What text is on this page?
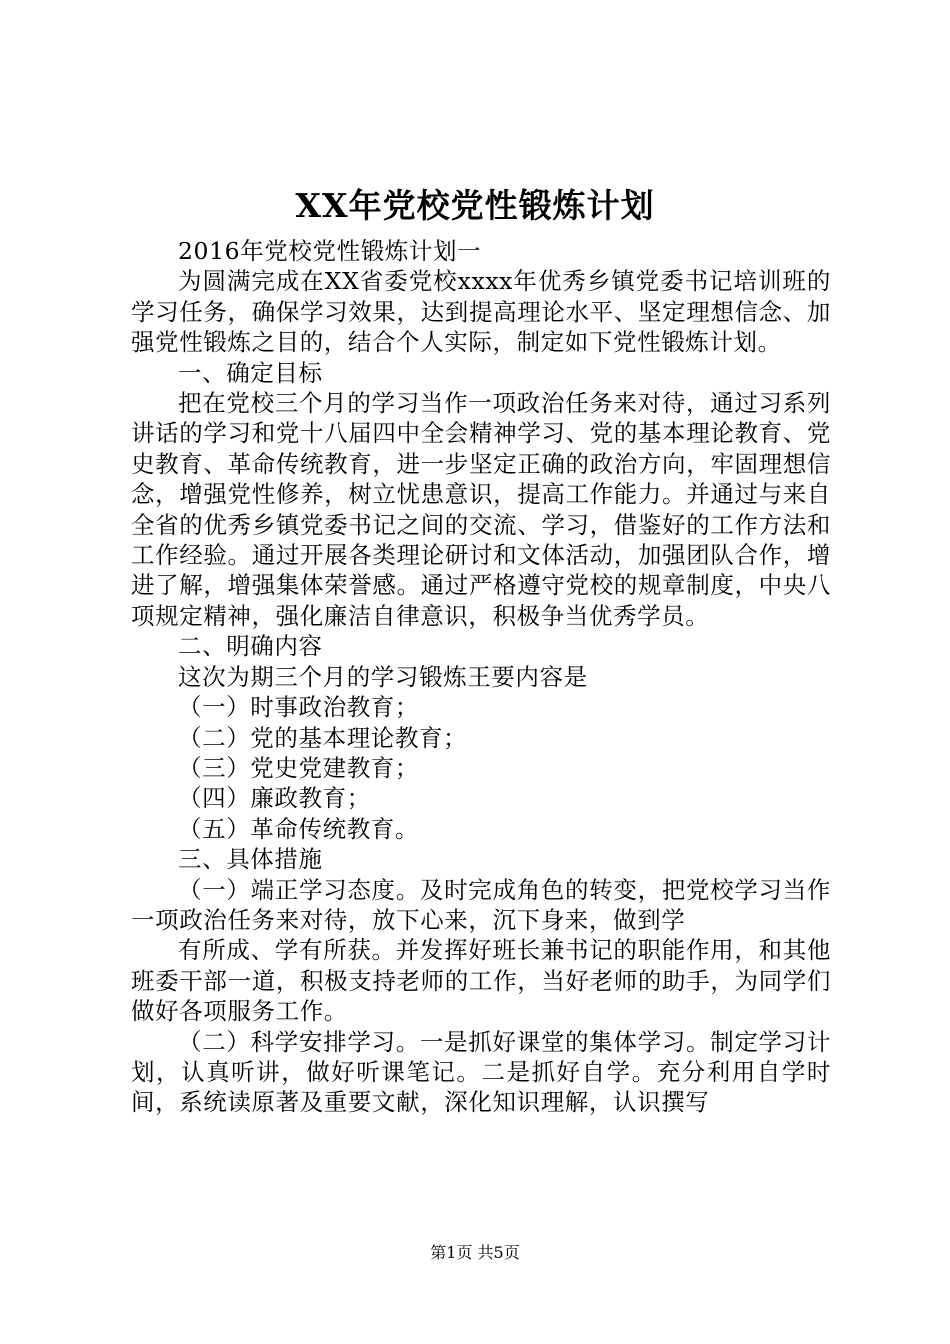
XX年党校党性锻炼计划

2016年党校党性锻炼计划一

为圆满完成在XX省委党校xxxx年优秀乡镇党委书记培训班的学习任务，确保学习效果，达到提高理论水平、坚定理想信念、加强党性锻炼之目的，结合个人实际，制定如下党性锻炼计划。

一、确定目标

把在党校三个月的学习当作一项政治任务来对待，通过习系列讲话的学习和党十八届四中全会精神学习、党的基本理论教育、党史教育、革命传统教育，进一步坚定正确的政治方向，牢固理想信念，增强党性修养，树立忧患意识，提高工作能力。并通过与来自全省的优秀乡镇党委书记之间的交流、学习，借鉴好的工作方法和工作经验。通过开展各类理论研讨和文体活动，加强团队合作，增进了解，增强集体荣誉感。通过严格遵守党校的规章制度，中央八项规定精神，强化廉洁自律意识，积极争当优秀学员。

二、明确内容

这次为期三个月的学习锻炼王要内容是

（一）时事政治教育；

（二）党的基本理论教育；

（三）党史党建教育；

（四）廉政教育；

（五）革命传统教育。

三、具体措施

（一）端正学习态度。及时完成角色的转变，把党校学习当作一项政治任务来对待，放下心来，沉下身来，做到学

有所成、学有所获。并发挥好班长兼书记的职能作用，和其他班委干部一道，积极支持老师的工作，当好老师的助手，为同学们做好各项服务工作。

（二）科学安排学习。一是抓好课堂的集体学习。制定学习计划，认真听讲，做好听课笔记。二是抓好自学。充分利用自学时间，系统读原著及重要文献，深化知识理解，认识撰写

第1页 共5页
